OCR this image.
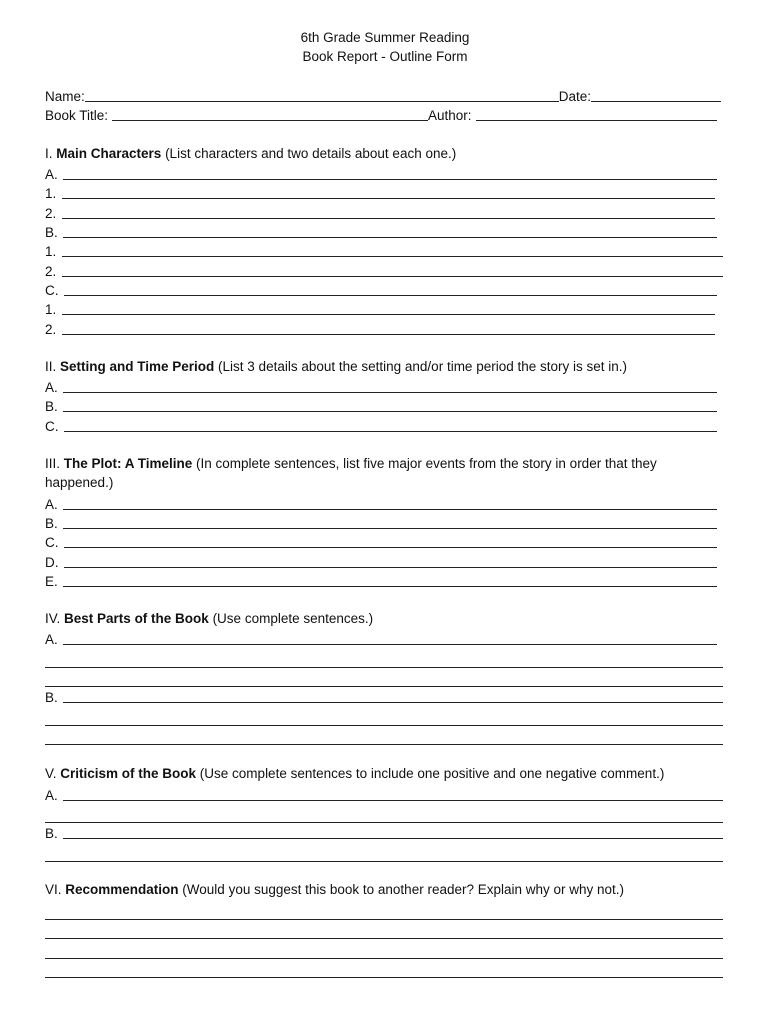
6th Grade Summer Reading
Book Report - Outline Form
Name:	Date:
Book Title:	Author:
I. Main Characters (List characters and two details about each one.)
A.
1.
2.
B.
1.
2.
C.
1.
2.
II. Setting and Time Period (List 3 details about the setting and/or time period the story is set in.)
A.
B.
C.
III. The Plot: A Timeline (In complete sentences, list five major events from the story in order that they happened.)
A.
B.
C.
D.
E.
IV. Best Parts of the Book (Use complete sentences.)
A.
B.
V. Criticism of the Book (Use complete sentences to include one positive and one negative comment.)
A.
B.
VI. Recommendation (Would you suggest this book to another reader? Explain why or why not.)
